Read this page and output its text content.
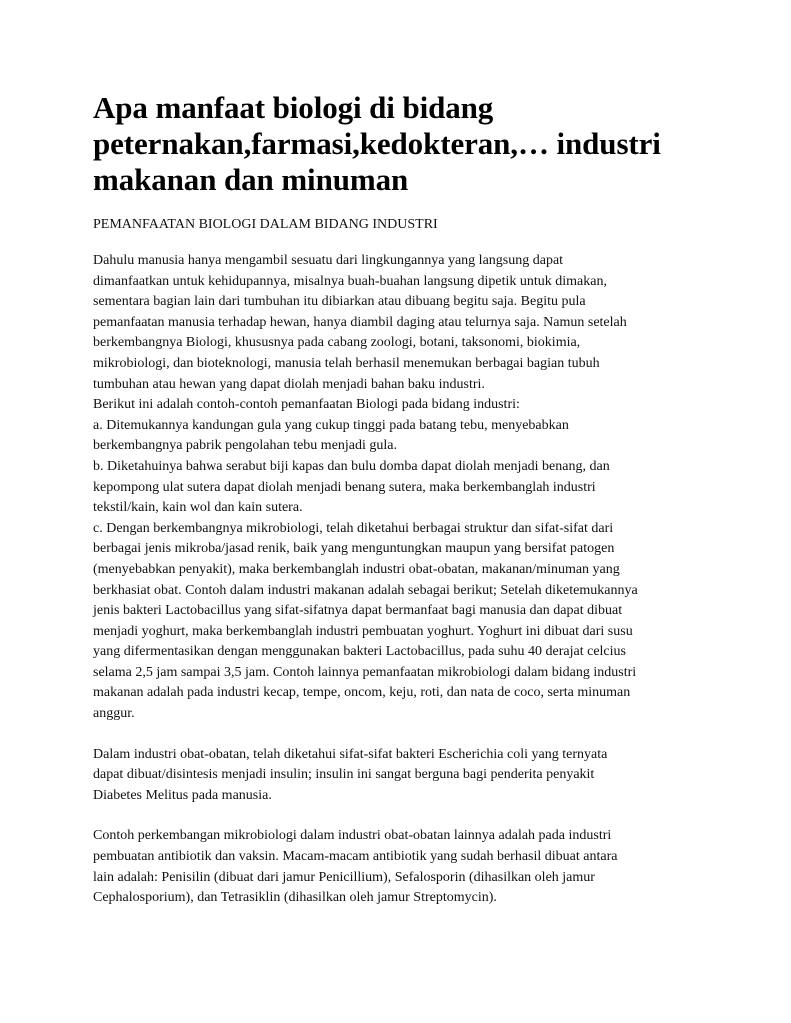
Apa manfaat biologi di bidang
peternakan,farmasi,kedokteran,… industri
makanan dan minuman

PEMANFAATAN BIOLOGI DALAM BIDANG INDUSTRI

Dahulu manusia hanya mengambil sesuatu dari lingkungannya yang langsung dapat
dimanfaatkan untuk kehidupannya, misalnya buah-buahan langsung dipetik untuk dimakan,
sementara bagian lain dari tumbuhan itu dibiarkan atau dibuang begitu saja. Begitu pula
pemanfaatan manusia terhadap hewan, hanya diambil daging atau telurnya saja. Namun setelah
berkembangnya Biologi, khususnya pada cabang zoologi, botani, taksonomi, biokimia,
mikrobiologi, dan bioteknologi, manusia telah berhasil menemukan berbagai bagian tubuh
tumbuhan atau hewan yang dapat diolah menjadi bahan baku industri.
Berikut ini adalah contoh-contoh pemanfaatan Biologi pada bidang industri:
a. Ditemukannya kandungan gula yang cukup tinggi pada batang tebu, menyebabkan
berkembangnya pabrik pengolahan tebu menjadi gula.
b. Diketahuinya bahwa serabut biji kapas dan bulu domba dapat diolah menjadi benang, dan
kepompong ulat sutera dapat diolah menjadi benang sutera, maka berkembanglah industri
tekstil/kain, kain wol dan kain sutera.
c. Dengan berkembangnya mikrobiologi, telah diketahui berbagai struktur dan sifat-sifat dari
berbagai jenis mikroba/jasad renik, baik yang menguntungkan maupun yang bersifat patogen
(menyebabkan penyakit), maka berkembanglah industri obat-obatan, makanan/minuman yang
berkhasiat obat. Contoh dalam industri makanan adalah sebagai berikut; Setelah diketemukannya
jenis bakteri Lactobacillus yang sifat-sifatnya dapat bermanfaat bagi manusia dan dapat dibuat
menjadi yoghurt, maka berkembanglah industri pembuatan yoghurt. Yoghurt ini dibuat dari susu
yang difermentasikan dengan menggunakan bakteri Lactobacillus, pada suhu 40 derajat celcius
selama 2,5 jam sampai 3,5 jam. Contoh lainnya pemanfaatan mikrobiologi dalam bidang industri
makanan adalah pada industri kecap, tempe, oncom, keju, roti, dan nata de coco, serta minuman
anggur.
Dalam industri obat-obatan, telah diketahui sifat-sifat bakteri Escherichia coli yang ternyata
dapat dibuat/disintesis menjadi insulin; insulin ini sangat berguna bagi penderita penyakit
Diabetes Melitus pada manusia.
Contoh perkembangan mikrobiologi dalam industri obat-obatan lainnya adalah pada industri
pembuatan antibiotik dan vaksin. Macam-macam antibiotik yang sudah berhasil dibuat antara
lain adalah: Penisilin (dibuat dari jamur Penicillium), Sefalosporin (dihasilkan oleh jamur
Cephalosporium), dan Tetrasiklin (dihasilkan oleh jamur Streptomycin).
